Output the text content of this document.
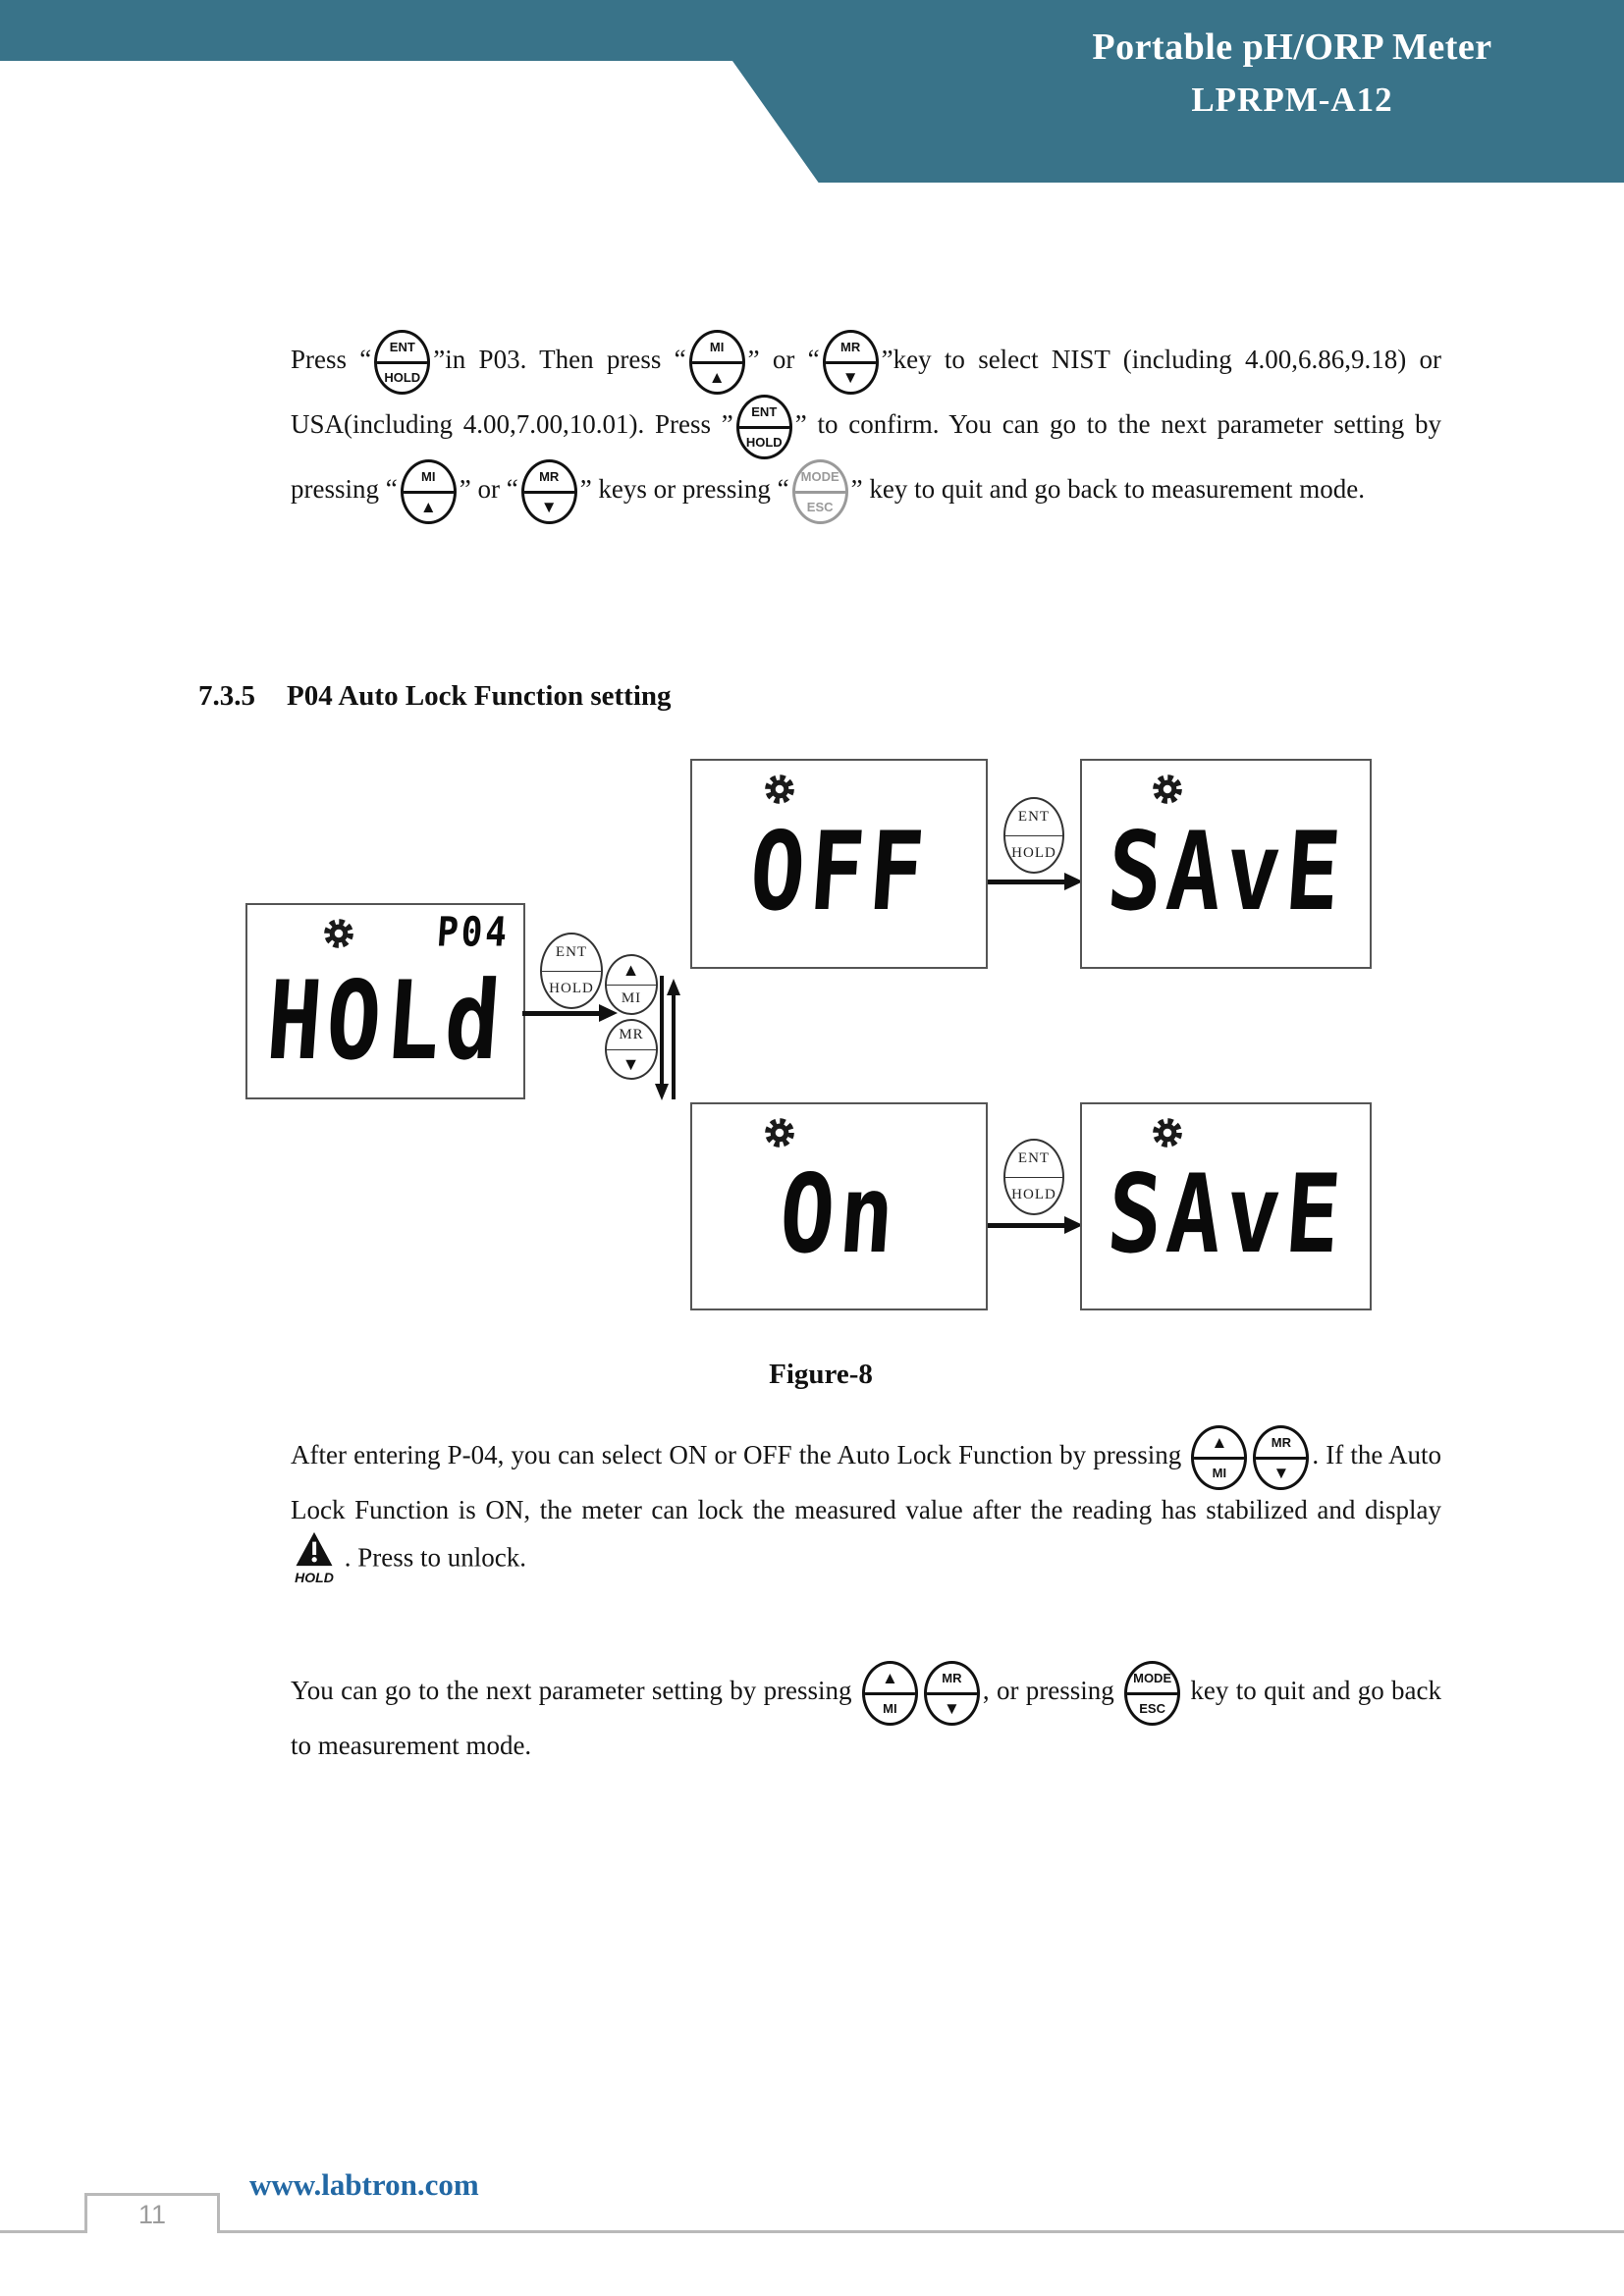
Portable pH/ORP Meter
LPRPM-A12

Press “	ENT
HOLD
”in P03. Then press “	MI
▲
” or “	MR
▼
”key to select NIST (including 4.00,6.86,9.18) or USA(including 4.00,7.00,10.01). Press ”	ENT
HOLD
” to confirm. You can go to the next parameter setting by pressing “	MI
▲
” or “	MR
▼
” keys or pressing “ MODE
ESC
” key to quit and go back to measurement mode.

7.3.5 P04 Auto Lock Function setting
P04
HOLd
ENT
HOLD
▲
MI
MR
▼
OFF	ENT
HOLD SAvE
On	ENT
HOLD SAvE
Figure-8

After entering P-04, you can select ON or OFF the Auto Lock Function by pressing	▲
MI
MR
▼
. If the Auto Lock Function is ON, the meter can lock the measured value after the reading has stabilized and display
HOLD
. Press to unlock.

You can go to the next parameter setting by pressing	▲
MI
MR
▼
, or pressing MODE
ESC
key to quit and go back to measurement mode.

11
www.labtron.com
